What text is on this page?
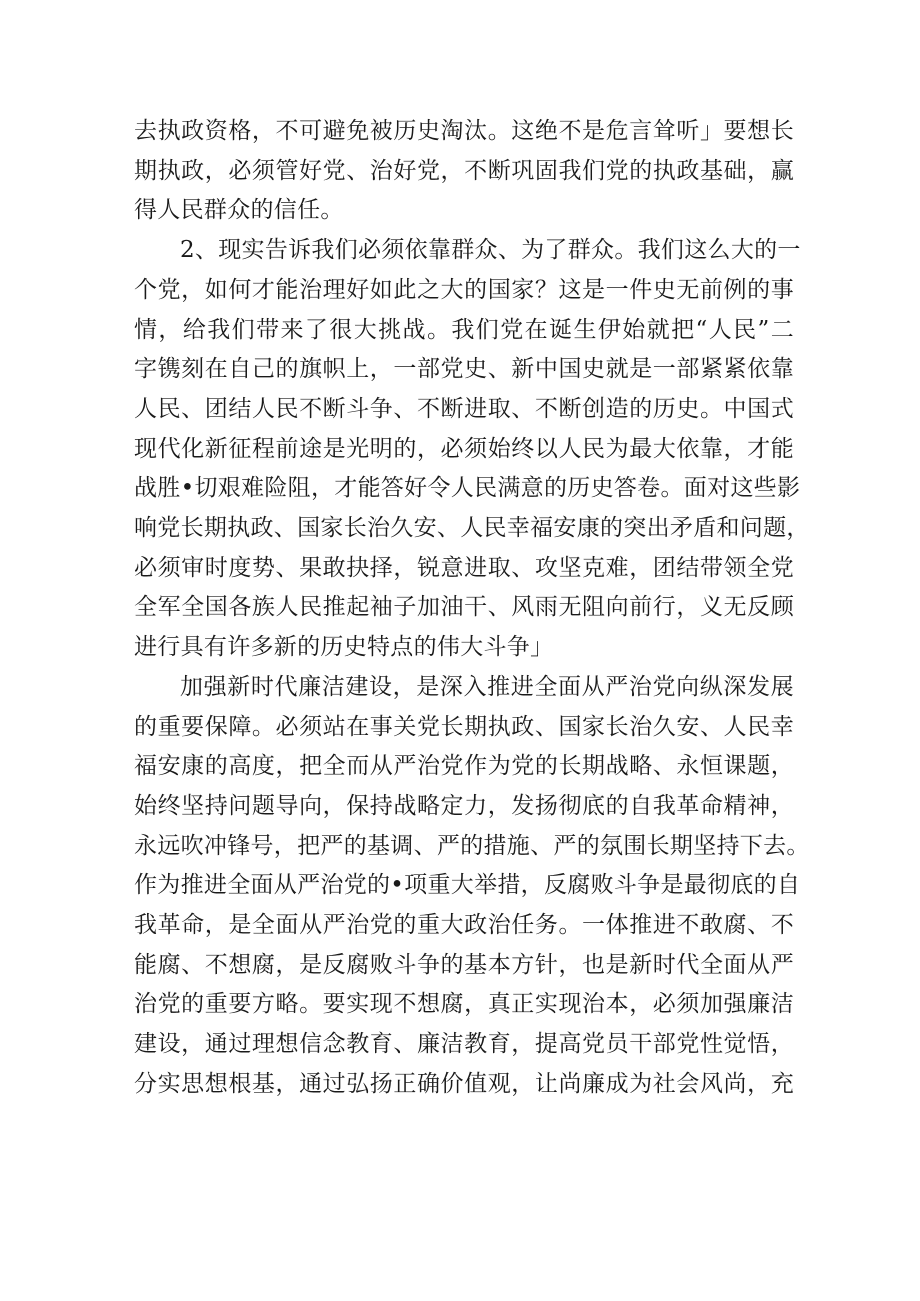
去执政资格，不可避免被历史淘汰。这绝不是危言耸听」要想长
期执政，必须管好党、治好党，不断巩固我们党的执政基础，赢
得人民群众的信任。

2、现实告诉我们必须依靠群众、为了群众。我们这么大的一
个党，如何才能治理好如此之大的国家？这是一件史无前例的事
情，给我们带来了很大挑战。我们党在诞生伊始就把“人民”二
字镌刻在自己的旗帜上，一部党史、新中国史就是一部紧紧依靠
人民、团结人民不断斗争、不断进取、不断创造的历史。中国式
现代化新征程前途是光明的，必须始终以人民为最大依靠，才能
战胜•切艰难险阻，才能答好令人民满意的历史答卷。面对这些影
响党长期执政、国家长治久安、人民幸福安康的突出矛盾和问题，
必须审时度势、果敢抉择，锐意进取、攻坚克难，团结带领全党
全军全国各族人民推起袖子加油干、风雨无阻向前行，义无反顾
进行具有许多新的历史特点的伟大斗争」

加强新时代廉洁建设，是深入推进全面从严治党向纵深发展
的重要保障。必须站在事关党长期执政、国家长治久安、人民幸
福安康的高度，把全而从严治党作为党的长期战略、永恒课题，
始终坚持问题导向，保持战略定力，发扬彻底的自我革命精神，
永远吹冲锋号，把严的基调、严的措施、严的氛围长期坚持下去。
作为推进全面从严治党的•项重大举措，反腐败斗争是最彻底的自
我革命，是全面从严治党的重大政治任务。一体推进不敢腐、不
能腐、不想腐，是反腐败斗争的基本方针，也是新时代全面从严
治党的重要方略。要实现不想腐，真正实现治本，必须加强廉洁
建设，通过理想信念教育、廉洁教育，提高党员干部党性觉悟，
分实思想根基，通过弘扬正确价值观，让尚廉成为社会风尚，充
